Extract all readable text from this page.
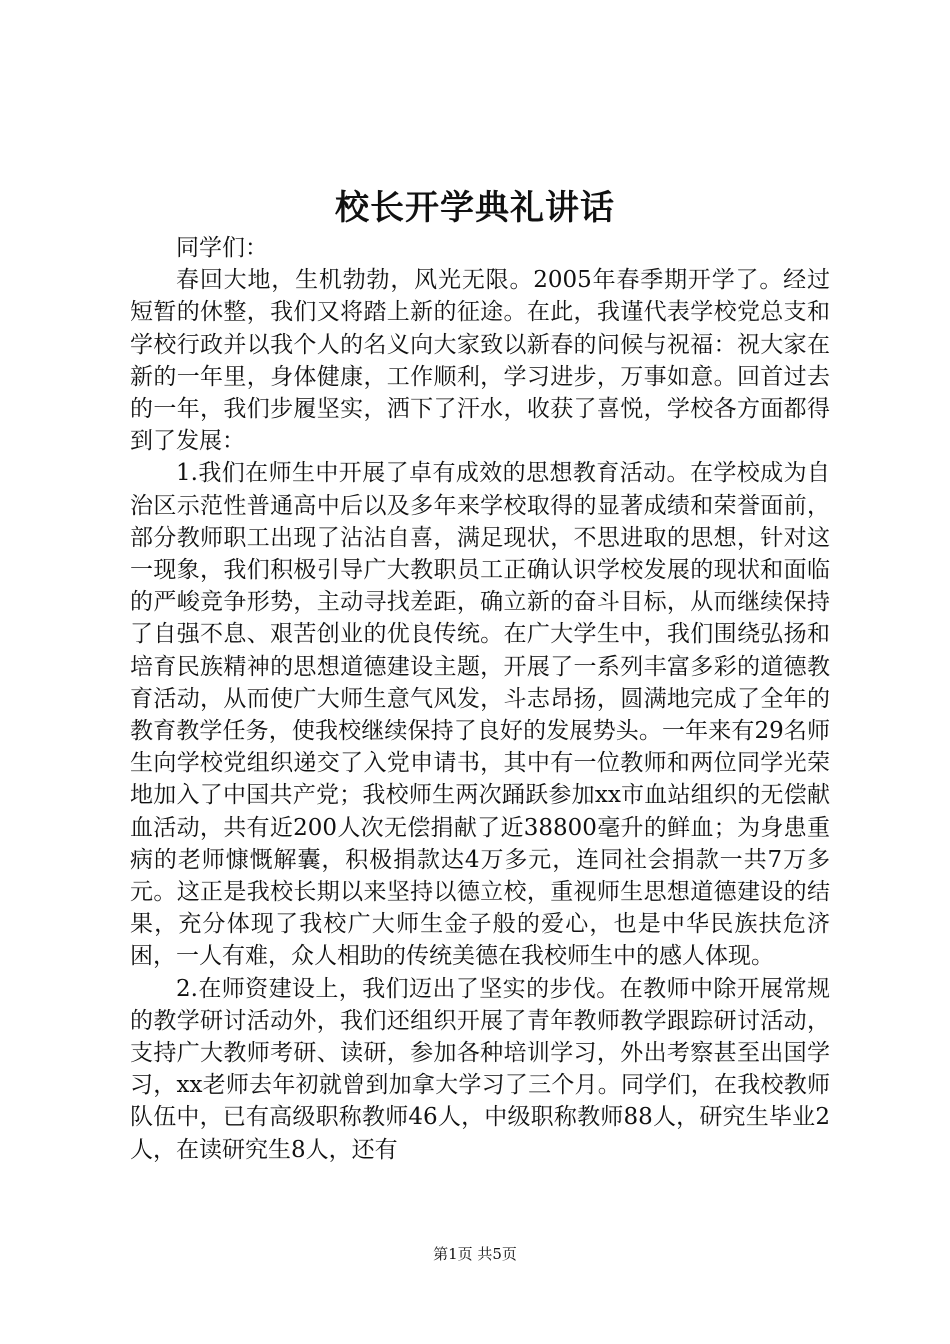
校长开学典礼讲话

同学们：

春回大地，生机勃勃，风光无限。2005年春季期开学了。经过短暂的休整，我们又将踏上新的征途。在此，我谨代表学校党总支和学校行政并以我个人的名义向大家致以新春的问候与祝福：祝大家在新的一年里，身体健康，工作顺利，学习进步，万事如意。回首过去的一年，我们步履坚实，洒下了汗水，收获了喜悦，学校各方面都得到了发展：

1.我们在师生中开展了卓有成效的思想教育活动。在学校成为自治区示范性普通高中后以及多年来学校取得的显著成绩和荣誉面前，部分教师职工出现了沾沾自喜，满足现状，不思进取的思想，针对这一现象，我们积极引导广大教职员工正确认识学校发展的现状和面临的严峻竞争形势，主动寻找差距，确立新的奋斗目标，从而继续保持了自强不息、艰苦创业的优良传统。在广大学生中，我们围绕弘扬和培育民族精神的思想道德建设主题，开展了一系列丰富多彩的道德教育活动，从而使广大师生意气风发，斗志昂扬，圆满地完成了全年的教育教学任务，使我校继续保持了良好的发展势头。一年来有29名师生向学校党组织递交了入党申请书，其中有一位教师和两位同学光荣地加入了中国共产党；我校师生两次踊跃参加xx市血站组织的无偿献血活动，共有近200人次无偿捐献了近38800毫升的鲜血；为身患重病的老师慷慨解囊，积极捐款达4万多元，连同社会捐款一共7万多元。这正是我校长期以来坚持以德立校，重视师生思想道德建设的结果，充分体现了我校广大师生金子般的爱心，也是中华民族扶危济困，一人有难，众人相助的传统美德在我校师生中的感人体现。

2.在师资建设上，我们迈出了坚实的步伐。在教师中除开展常规的教学研讨活动外，我们还组织开展了青年教师教学跟踪研讨活动，支持广大教师考研、读研，参加各种培训学习，外出考察甚至出国学习，xx老师去年初就曾到加拿大学习了三个月。同学们，在我校教师队伍中，已有高级职称教师46人，中级职称教师88人，研究生毕业2人，在读研究生8人，还有

第1页 共5页
